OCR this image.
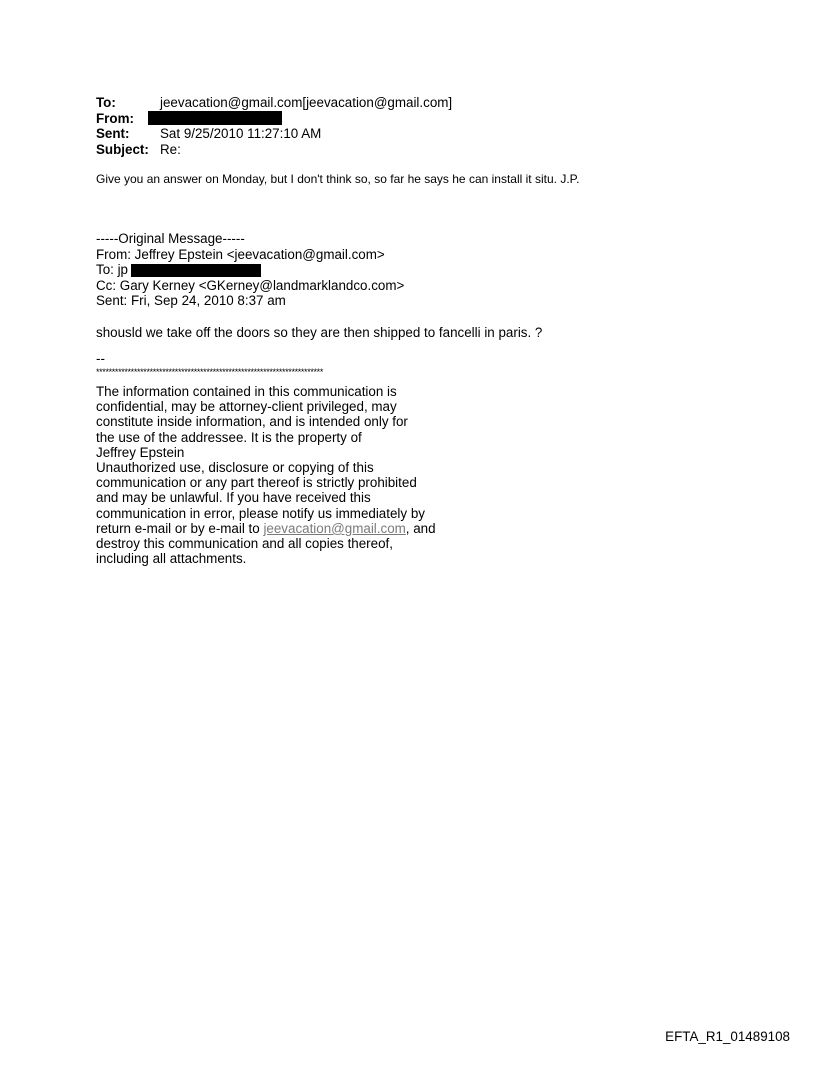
To:	jeevacation@gmail.com[jeevacation@gmail.com]
From:
Sent:	Sat 9/25/2010 11:27:10 AM
Subject: Re:
Give you an answer on Monday, but I don't think so, so far he says he can install it situ. J.P.
-----Original Message-----
From: Jeffrey Epstein <jeevacation@gmail.com>
To: jp
Cc: Gary Kerney <GKerney@landmarklandco.com>
Sent: Fri, Sep 24, 2010 8:37 am
shousld we take off the doors so they are then shipped to fancelli in paris. ?
--
************************************************************************
The information contained in this communication is
confidential, may be attorney-client privileged, may
constitute inside information, and is intended only for
the use of the addressee. It is the property of
Jeffrey Epstein
Unauthorized use, disclosure or copying of this
communication or any part thereof is strictly prohibited
and may be unlawful. If you have received this
communication in error, please notify us immediately by
return e-mail or by e-mail to jeevacation@gmail.com, and
destroy this communication and all copies thereof,
including all attachments.
EFTA_R1_01489108
